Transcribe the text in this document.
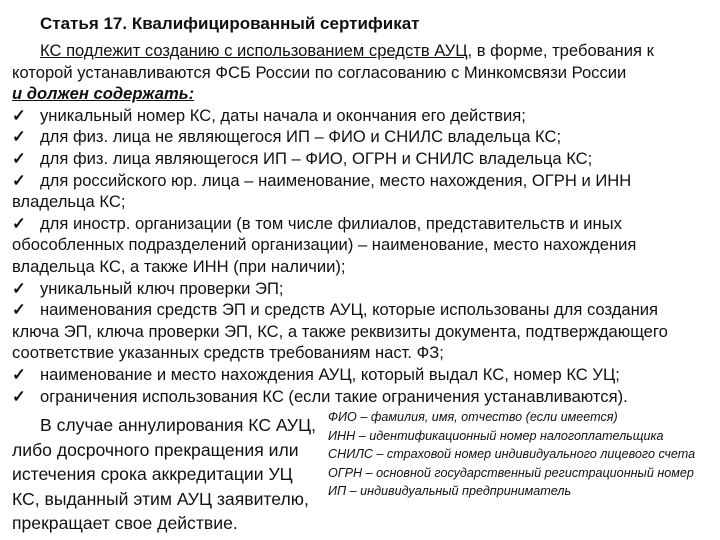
Статья 17. Квалифицированный сертификат

КС подлежит созданию с использованием средств АУЦ, в форме, требования к которой устанавливаются ФСБ России по согласованию с Минкомсвязи России

и должен содержать:

✓ уникальный номер КС, даты начала и окончания его действия;

✓ для физ. лица не являющегося ИП – ФИО и СНИЛС владельца КС;

✓ для физ. лица являющегося ИП – ФИО, ОГРН и СНИЛС владельца КС;

✓ для российского юр. лица – наименование, место нахождения, ОГРН и ИНН владельца КС;

✓ для иностр. организации (в том числе филиалов, представительств и иных обособленных подразделений организации) – наименование, место нахождения владельца КС, а также ИНН (при наличии);

✓ уникальный ключ проверки ЭП;

✓ наименования средств ЭП и средств АУЦ, которые использованы для создания ключа ЭП, ключа проверки ЭП, КС, а также реквизиты документа, подтверждающего соответствие указанных средств требованиям наст. ФЗ;

✓ наименование и место нахождения АУЦ, который выдал КС, номер КС УЦ;

✓ ограничения использования КС (если такие ограничения устанавливаются).

В случае аннулирования КС АУЦ,
либо досрочного прекращения или
истечения срока аккредитации УЦ
КС, выданный этим АУЦ заявителю,
прекращает свое действие.

ФИО – фамилия, имя, отчество (если имеется)

ИНН – идентификационный номер налогоплательщика

СНИЛС – страховой номер индивидуального лицевого счета

ОГРН – основной государственный регистрационный номер

ИП – индивидуальный предприниматель
